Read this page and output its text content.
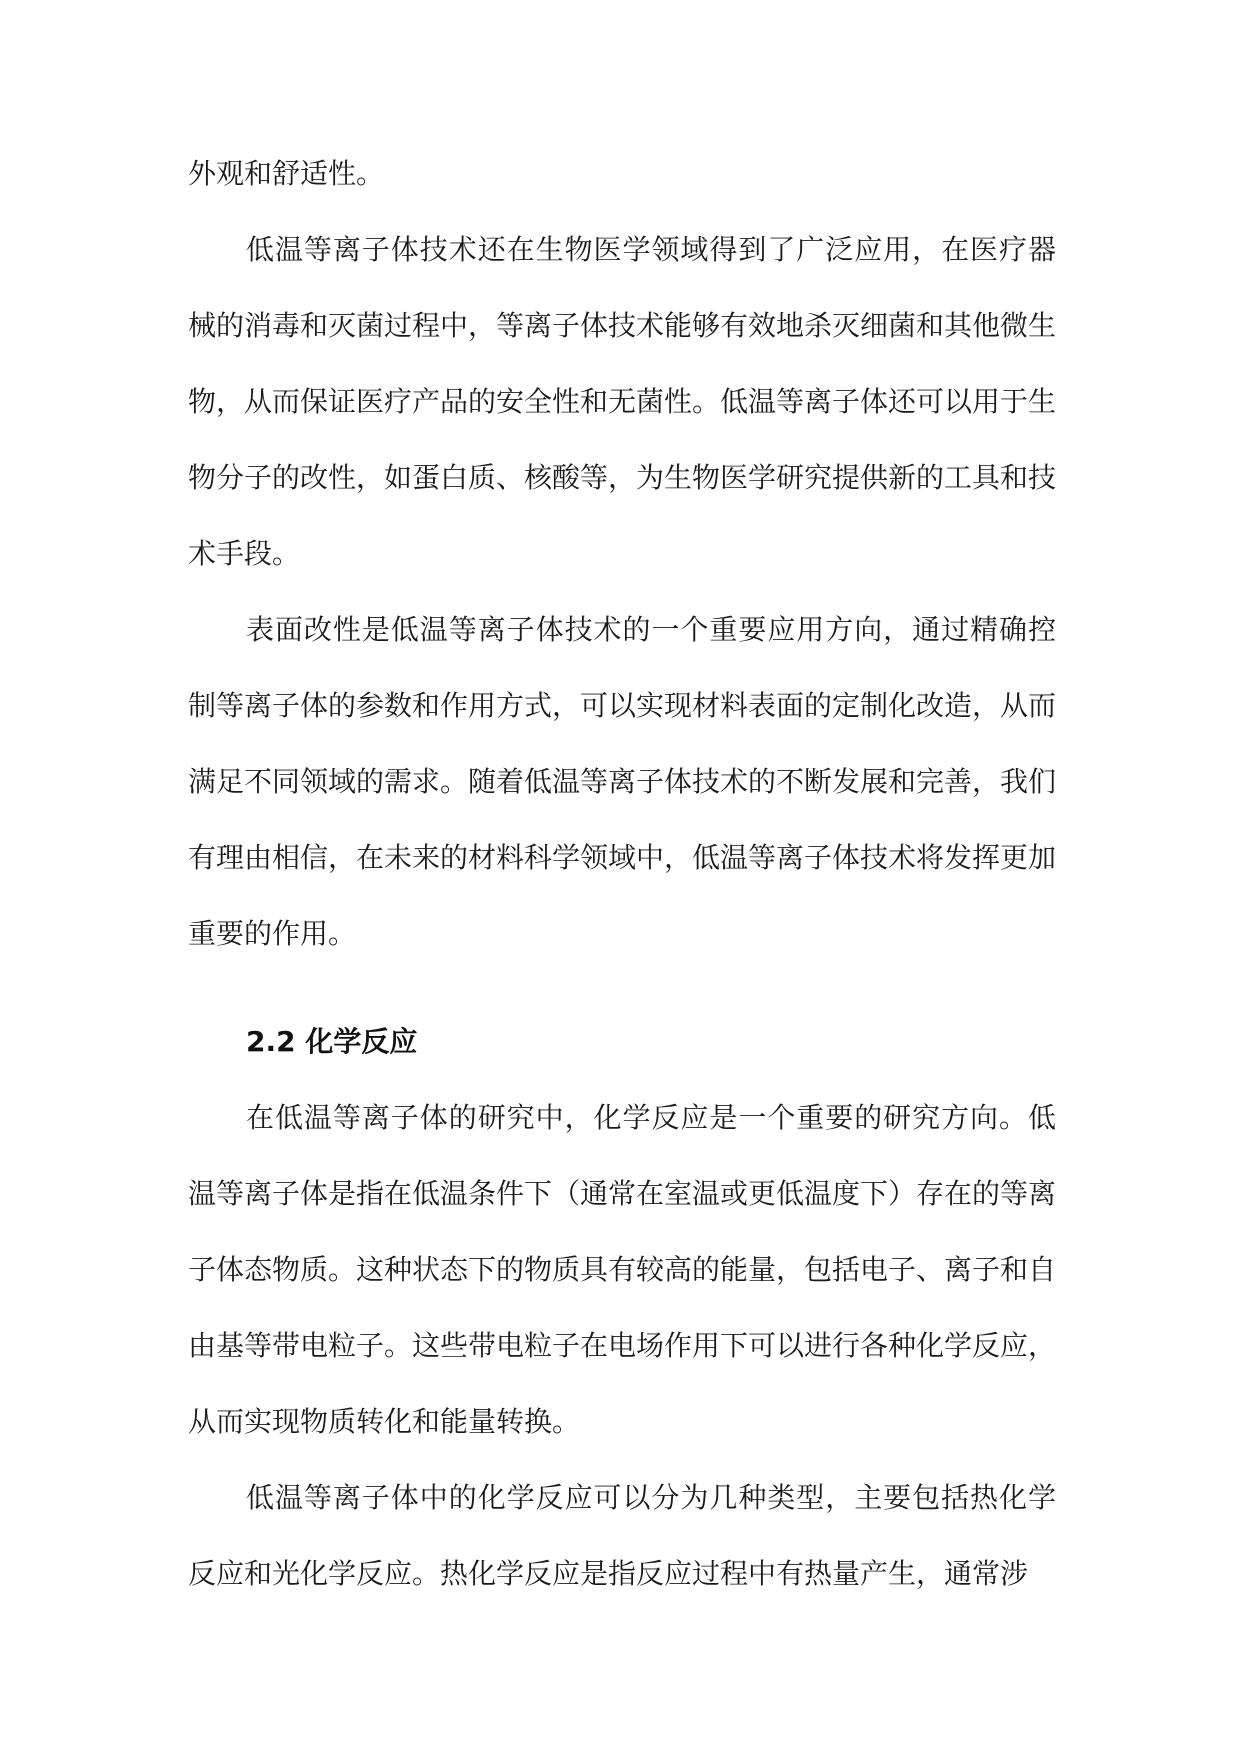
外观和舒适性。

低温等离子体技术还在生物医学领域得到了广泛应用，在医疗器械的消毒和灭菌过程中，等离子体技术能够有效地杀灭细菌和其他微生物，从而保证医疗产品的安全性和无菌性。低温等离子体还可以用于生物分子的改性，如蛋白质、核酸等，为生物医学研究提供新的工具和技术手段。

表面改性是低温等离子体技术的一个重要应用方向，通过精确控制等离子体的参数和作用方式，可以实现材料表面的定制化改造，从而满足不同领域的需求。随着低温等离子体技术的不断发展和完善，我们有理由相信，在未来的材料科学领域中，低温等离子体技术将发挥更加重要的作用。

2.2 化学反应

在低温等离子体的研究中，化学反应是一个重要的研究方向。低温等离子体是指在低温条件下（通常在室温或更低温度下）存在的等离子体态物质。这种状态下的物质具有较高的能量，包括电子、离子和自由基等带电粒子。这些带电粒子在电场作用下可以进行各种化学反应，从而实现物质转化和能量转换。

低温等离子体中的化学反应可以分为几种类型，主要包括热化学反应和光化学反应。热化学反应是指反应过程中有热量产生，通常涉
